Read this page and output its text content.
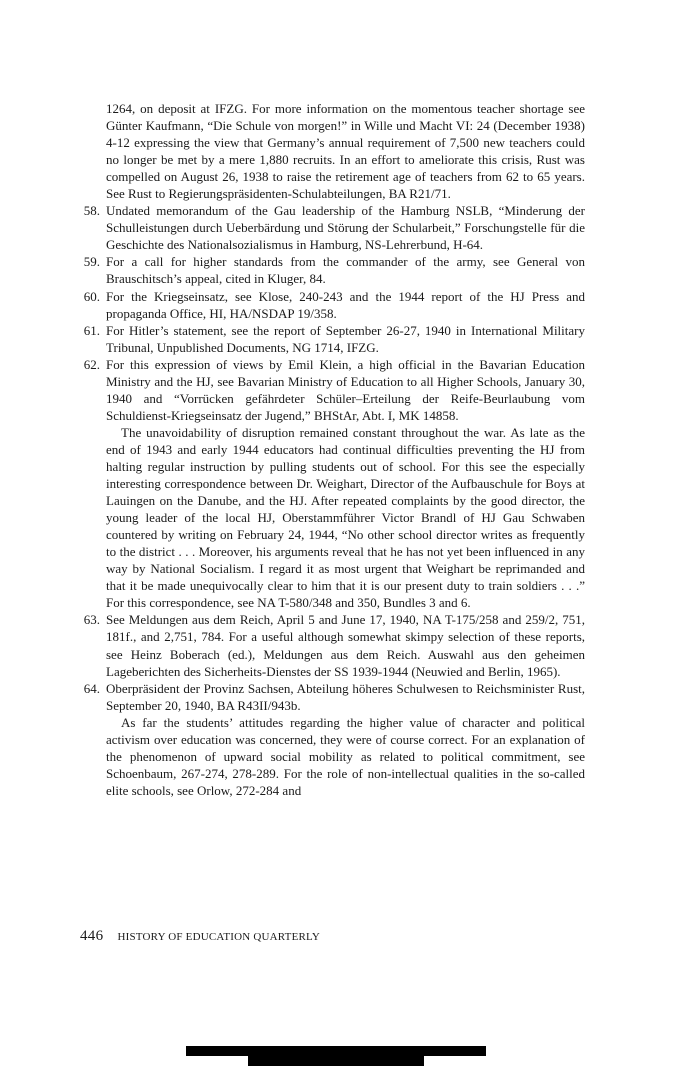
1264, on deposit at IFZG. For more information on the momentous teacher shortage see Günter Kaufmann, “Die Schule von morgen!” in Wille und Macht VI: 24 (December 1938) 4-12 expressing the view that Germany’s annual requirement of 7,500 new teachers could no longer be met by a mere 1,880 recruits. In an effort to ameliorate this crisis, Rust was compelled on August 26, 1938 to raise the retirement age of teachers from 62 to 65 years. See Rust to Regierungspräsidenten-Schulabteilungen, BA R21/71.
58. Undated memorandum of the Gau leadership of the Hamburg NSLB, “Minderung der Schulleistungen durch Ueberbärdung und Störung der Schularbeit,” Forschungstelle für die Geschichte des Nationalsozialismus in Hamburg, NS-Lehrerbund, H-64.
59. For a call for higher standards from the commander of the army, see General von Brauschitsch’s appeal, cited in Kluger, 84.
60. For the Kriegseinsatz, see Klose, 240-243 and the 1944 report of the HJ Press and propaganda Office, HI, HA/NSDAP 19/358.
61. For Hitler’s statement, see the report of September 26-27, 1940 in International Military Tribunal, Unpublished Documents, NG 1714, IFZG.
62. For this expression of views by Emil Klein, a high official in the Bavarian Education Ministry and the HJ, see Bavarian Ministry of Education to all Higher Schools, January 30, 1940 and “Vorrücken gefährdeter Schüler–Erteilung der Reife-Beurlaubung vom Schuldienst-Kriegseinsatz der Jugend,” BHStAr, Abt. I, MK 14858.
The unavoidability of disruption remained constant throughout the war. As late as the end of 1943 and early 1944 educators had continual difficulties preventing the HJ from halting regular instruction by pulling students out of school. For this see the especially interesting correspondence between Dr. Weighart, Director of the Aufbauschule for Boys at Lauingen on the Danube, and the HJ. After repeated complaints by the good director, the young leader of the local HJ, Oberstammführer Victor Brandl of HJ Gau Schwaben countered by writing on February 24, 1944, “No other school director writes as frequently to the district . . . Moreover, his arguments reveal that he has not yet been influenced in any way by National Socialism. I regard it as most urgent that Weighart be reprimanded and that it be made unequivocally clear to him that it is our present duty to train soldiers . . .” For this correspondence, see NA T-580/348 and 350, Bundles 3 and 6.
63. See Meldungen aus dem Reich, April 5 and June 17, 1940, NA T-175/258 and 259/2, 751, 181f., and 2,751, 784. For a useful although somewhat skimpy selection of these reports, see Heinz Boberach (ed.), Meldungen aus dem Reich. Auswahl aus den geheimen Lageberichten des Sicherheits-Dienstes der SS 1939-1944 (Neuwied and Berlin, 1965).
64. Oberpräsident der Provinz Sachsen, Abteilung höheres Schulwesen to Reichsminister Rust, September 20, 1940, BA R43II/943b.
As far the students’ attitudes regarding the higher value of character and political activism over education was concerned, they were of course correct. For an explanation of the phenomenon of upward social mobility as related to political commitment, see Schoenbaum, 267-274, 278-289. For the role of non-intellectual qualities in the so-called elite schools, see Orlow, 272-284 and
446 HISTORY OF EDUCATION QUARTERLY
